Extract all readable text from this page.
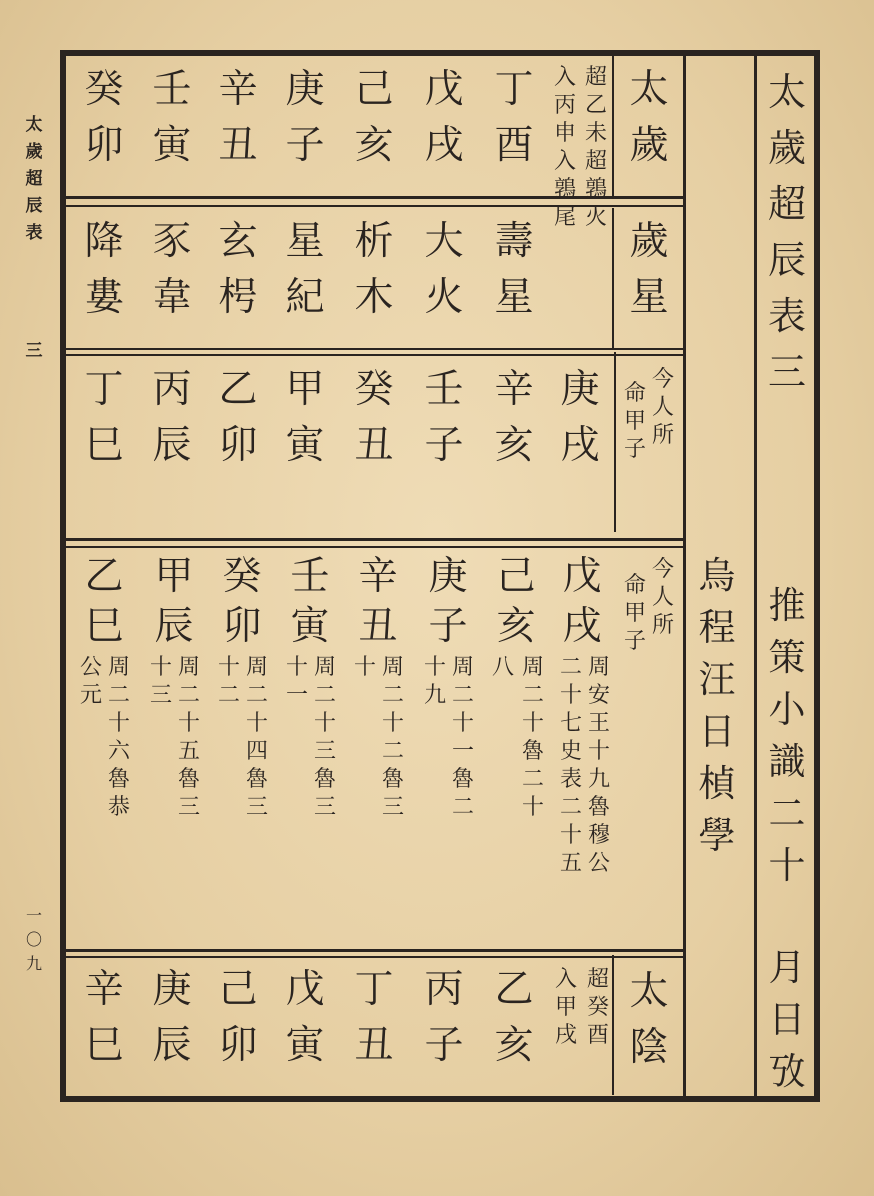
太
歲
超
辰
表
三
一
〇
九
太
歲
超
辰
表
三
推
策
小
識
二
十
月
日
攷
烏
程
汪
日
楨
學
太
歲
歲
星
太
陰
今
人
所
命
甲
子
今
人
所
命
甲
子
超
乙
未
超
鶉
火
入
丙
申
入
鶉
尾
超
癸
酉
入
甲
戌
丁
酉
戊
戌
己
亥
庚
子
辛
丑
壬
寅
癸
卯
壽
星
大
火
析
木
星
紀
玄
枵
豕
韋
降
婁
庚
戌
辛
亥
壬
子
癸
丑
甲
寅
乙
卯
丙
辰
丁
巳
戊
戌
周
安
王
十
九
魯
穆
公
二
十
七
史
表
二
十
五
己
亥
周
二
十
魯
二
十
八
庚
子
周
二
十
一
魯
二
十
九
辛
丑
周
二
十
二
魯
三
十
壬
寅
周
二
十
三
魯
三
十
一
癸
卯
周
二
十
四
魯
三
十
二
甲
辰
周
二
十
五
魯
三
十
三
乙
巳
周
二
十
六
魯
恭
公
元
乙
亥
丙
子
丁
丑
戊
寅
己
卯
庚
辰
辛
巳
